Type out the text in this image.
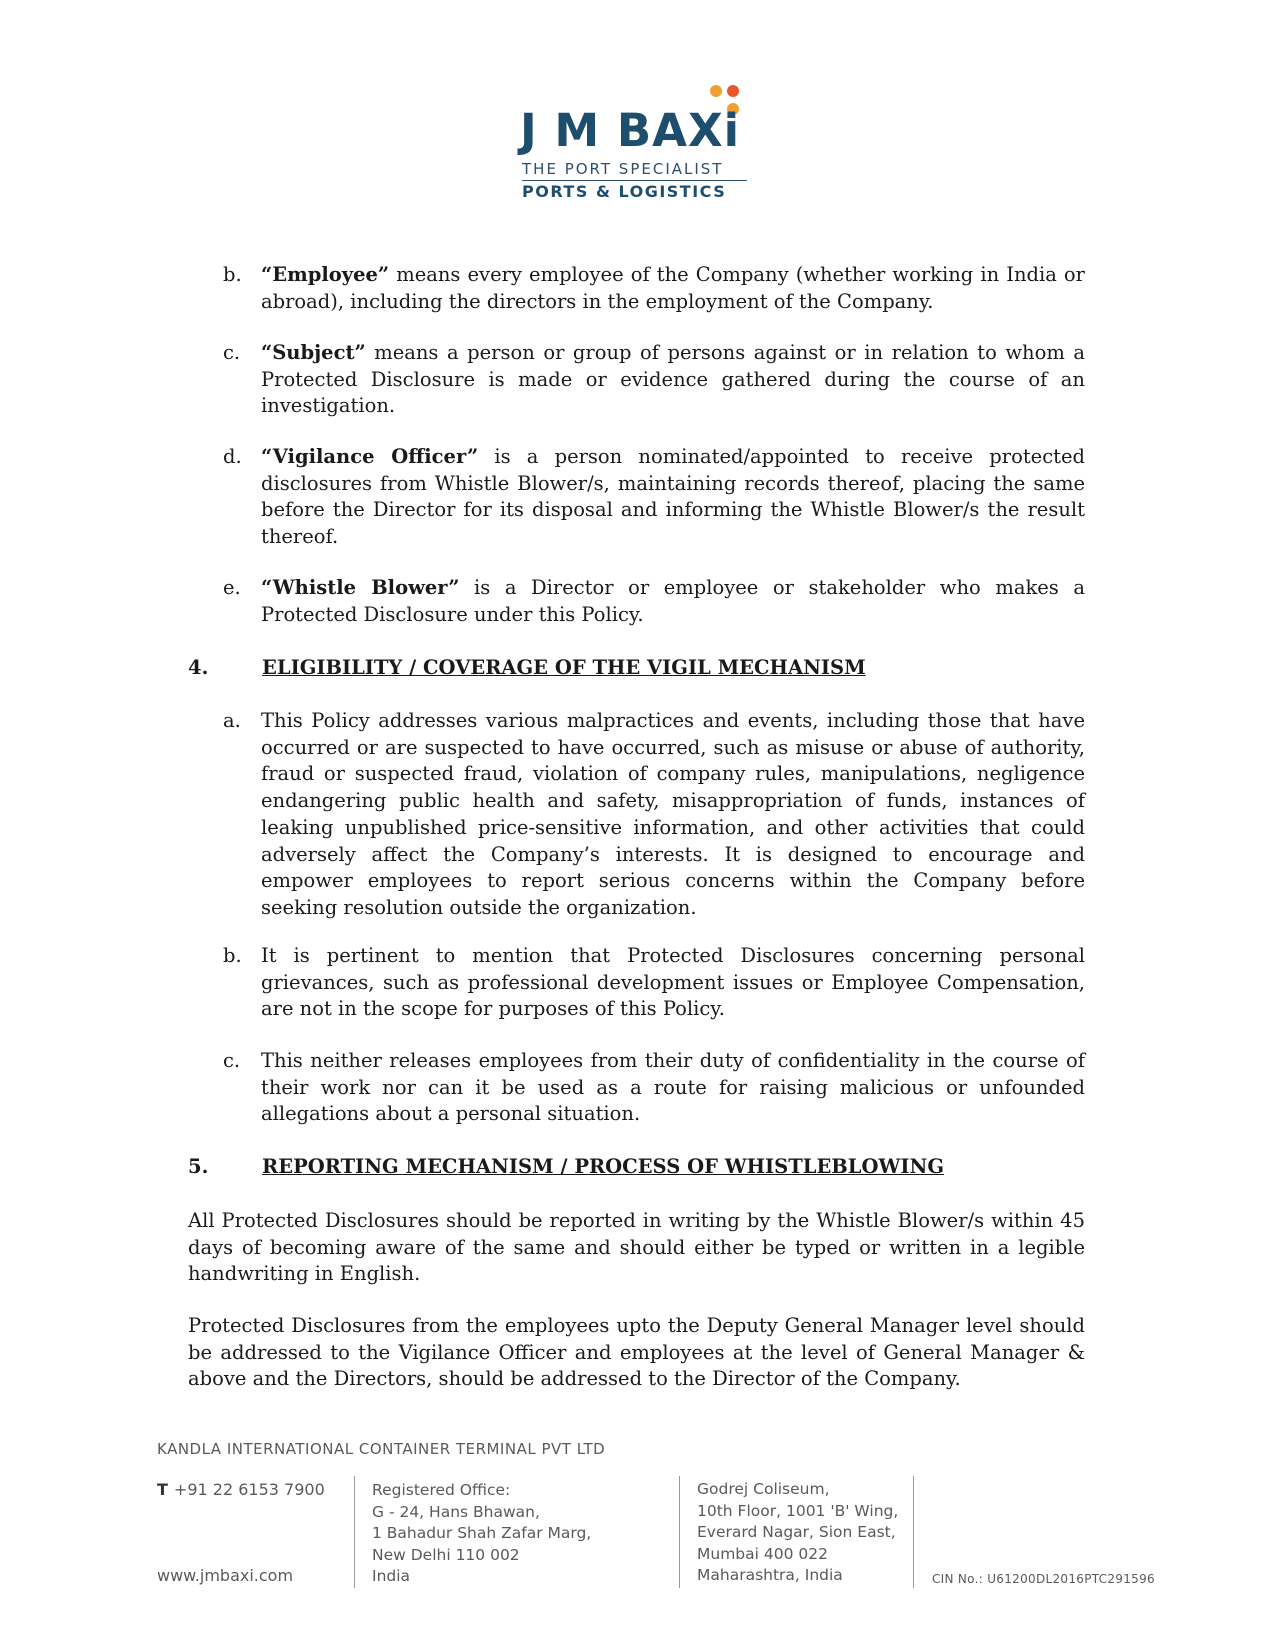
J M BAXi
THE PORT SPECIALIST
PORTS & LOGISTICS
b. “Employee” means every employee of the Company (whether working in India or abroad), including the directors in the employment of the Company.
c.	“Subject” means a person or group of persons against or in relation to whom a Protected Disclosure is made or evidence gathered during the course of an investigation.
d. “Vigilance Officer” is a person nominated/appointed to receive protected disclosures from Whistle Blower/s, maintaining records thereof, placing the same before the Director for its disposal and informing the Whistle Blower/s the result thereof.
e.	“Whistle Blower” is a Director or employee or stakeholder who makes a Protected Disclosure under this Policy.
4.	ELIGIBILITY / COVERAGE OF THE VIGIL MECHANISM
a.	This Policy addresses various malpractices and events, including those that have occurred or are suspected to have occurred, such as misuse or abuse of authority, fraud or suspected fraud, violation of company rules, manipulations, negligence endangering public health and safety, misappropriation of funds, instances of leaking unpublished price-sensitive information, and other activities that could adversely affect the Company’s interests. It is designed to encourage and empower employees to report serious concerns within the Company before seeking resolution outside the organization.
b. It is pertinent to mention that Protected Disclosures concerning personal grievances, such as professional development issues or Employee Compensation, are not in the scope for purposes of this Policy.
c.	This neither releases employees from their duty of confidentiality in the course of their work nor can it be used as a route for raising malicious or unfounded allegations about a personal situation.
5.	REPORTING MECHANISM / PROCESS OF WHISTLEBLOWING
All Protected Disclosures should be reported in writing by the Whistle Blower/s within 45 days of becoming aware of the same and should either be typed or written in a legible handwriting in English.
Protected Disclosures from the employees upto the Deputy General Manager level should be addressed to the Vigilance Officer and employees at the level of General Manager & above and the Directors, should be addressed to the Director of the Company.
KANDLA INTERNATIONAL CONTAINER TERMINAL PVT LTD
T +91 22 6153 7900
www.jmbaxi.com
Registered Office:
G - 24, Hans Bhawan,
1 Bahadur Shah Zafar Marg,
New Delhi 110 002
India
Godrej Coliseum,
10th Floor, 1001 'B' Wing,
Everard Nagar, Sion East,
Mumbai 400 022
Maharashtra, India	CIN No.: U61200DL2016PTC291596
